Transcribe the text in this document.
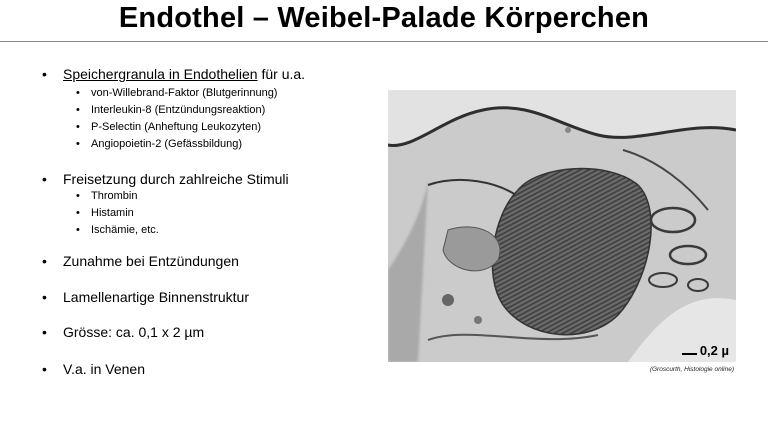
Endothel – Weibel-Palade Körperchen
• Speichergranula in Endothelien für u.a.
• von-Willebrand-Faktor (Blutgerinnung)
• Interleukin-8 (Entzündungsreaktion)
• P-Selectin (Anheftung Leukozyten)
• Angiopoietin-2 (Gefässbildung)
• Freisetzung durch zahlreiche Stimuli
• Thrombin
• Histamin
• Ischämie, etc.
• Zunahme bei Entzündungen
• Lamellenartige Binnenstruktur
• Grösse: ca. 0,1 x 2 µm
• V.a. in Venen
0,2 µ
(Groscurth, Histologie online)
